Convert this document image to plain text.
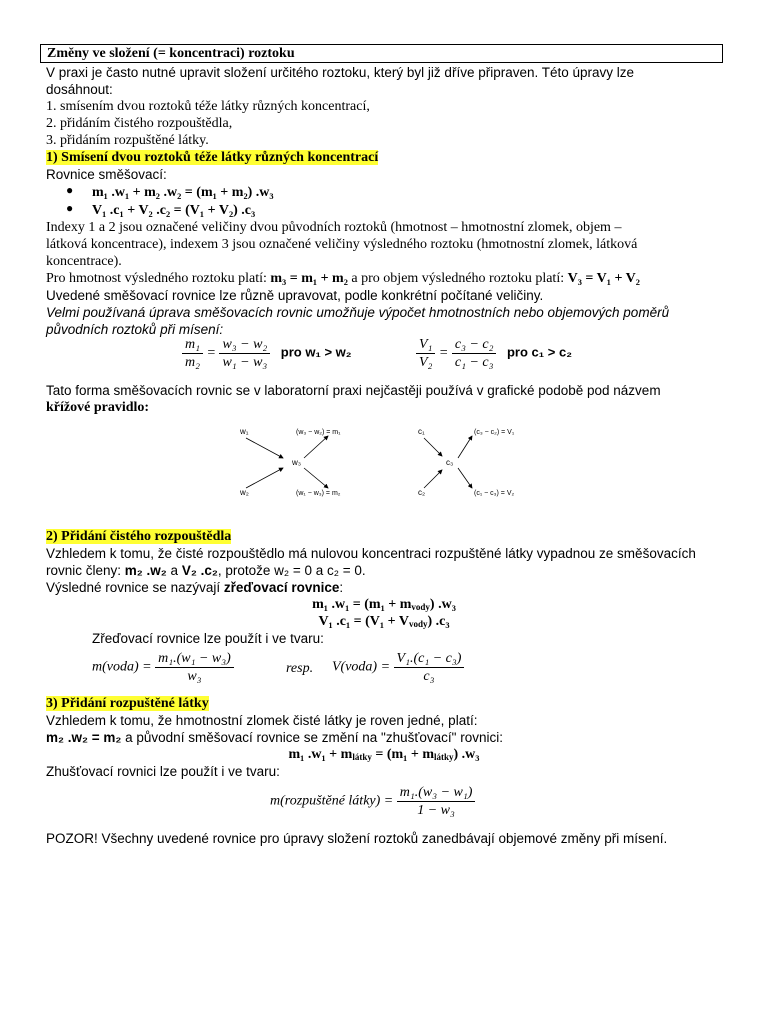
Změny ve složení (= koncentraci) roztoku
V praxi je často nutné upravit složení určitého roztoku, který byl již dříve připraven. Této úpravy lze
dosáhnout:
1. smísením dvou roztoků téže látky různých koncentrací,
2. přidáním čistého rozpouštědla,
3. přidáním rozpuštěné látky.
1) Smísení dvou roztoků téže látky různých koncentrací
Rovnice směšovací:
● m₁ .w₁ + m₂ .w₂ = (m₁ + m₂) .w₃
● V₁ .c₁ + V₂ .c₂ = (V₁ + V₂) .c₃
Indexy 1 a 2 jsou označené veličiny dvou původních roztoků (hmotnost – hmotnostní zlomek, objem –
látková koncentrace), indexem 3 jsou označené veličiny výsledného roztoku (hmotnostní zlomek, látková
koncentrace).
Pro hmotnost výsledného roztoku platí: m₃ = m₁ + m₂ a pro objem výsledného roztoku platí: V₃ = V₁ + V₂
Uvedené směšovací rovnice lze různě upravovat, podle konkrétní počítané veličiny.
Velmi používaná úprava směšovacích rovnic umožňuje výpočet hmotnostních nebo objemových poměrů
původních roztoků při mísení:
$\frac{\text{m₁}}{\text{m₂}} = \frac{\text{w₃ − w₂}}{\text{w₁ − w₃}}$ pro w₁ > w₂	$\frac{\text{V₁}}{\text{V₂}} = \frac{\text{c₃ − c₂}}{\text{c₁ − c₃}}$ pro c₁ > c₂
Tato forma směšovacích rovnic se v laboratorní praxi nejčastěji používá v grafické podobě pod názvem
křížové pravidlo:
w₁
w₂
w₃
(w₃ − w₂) = m₁
(w₁ − w₃) = m₂
c₁
c₂
c₃
(c₃ − c₂) = V₁
(c₁ − c₃) = V₂
2) Přidání čistého rozpouštědla
Vzhledem k tomu, že čisté rozpouštědlo má nulovou koncentraci rozpuštěné látky vypadnou ze směšovacích
rovnic členy: m₂ .w₂ a V₂ .c₂, protože w₂ = 0 a c₂ = 0.
Výsledné rovnice se nazývají zřeďovací rovnice:
m₁ $.w_1 = (m_1 + m_{vody})$ .w₃
V₁ $.c_1 = (V_1 + V_{vody})$ .c₃
Zřeďovací rovnice lze použít i ve tvaru:
m(voda) = $\frac{\text{m₁.(w₁ − w₃)}}{\text{w₃}}$	resp. V(voda) = $\frac{\text{V₁.(c₁ − c₃)}}{\text{c₃}}$
3) Přidání rozpuštěné látky
Vzhledem k tomu, že hmotnostní zlomek čisté látky je roven jedné, platí:
m₂ .w₂ = m₂ a původní směšovací rovnice se změní na "zhušťovací" rovnici:
m₁ $.w_1 + m_{látky} = (m_1 + m_{látky})$ .w₃
Zhušťovací rovnici lze použít i ve tvaru:
m(rozpuštěné látky) = $\frac{\text{m₁.(w₃ − w₁)}}{\text{1 − w₃}}$
POZOR! Všechny uvedené rovnice pro úpravy složení roztoků zanedbávají objemové změny při mísení.
